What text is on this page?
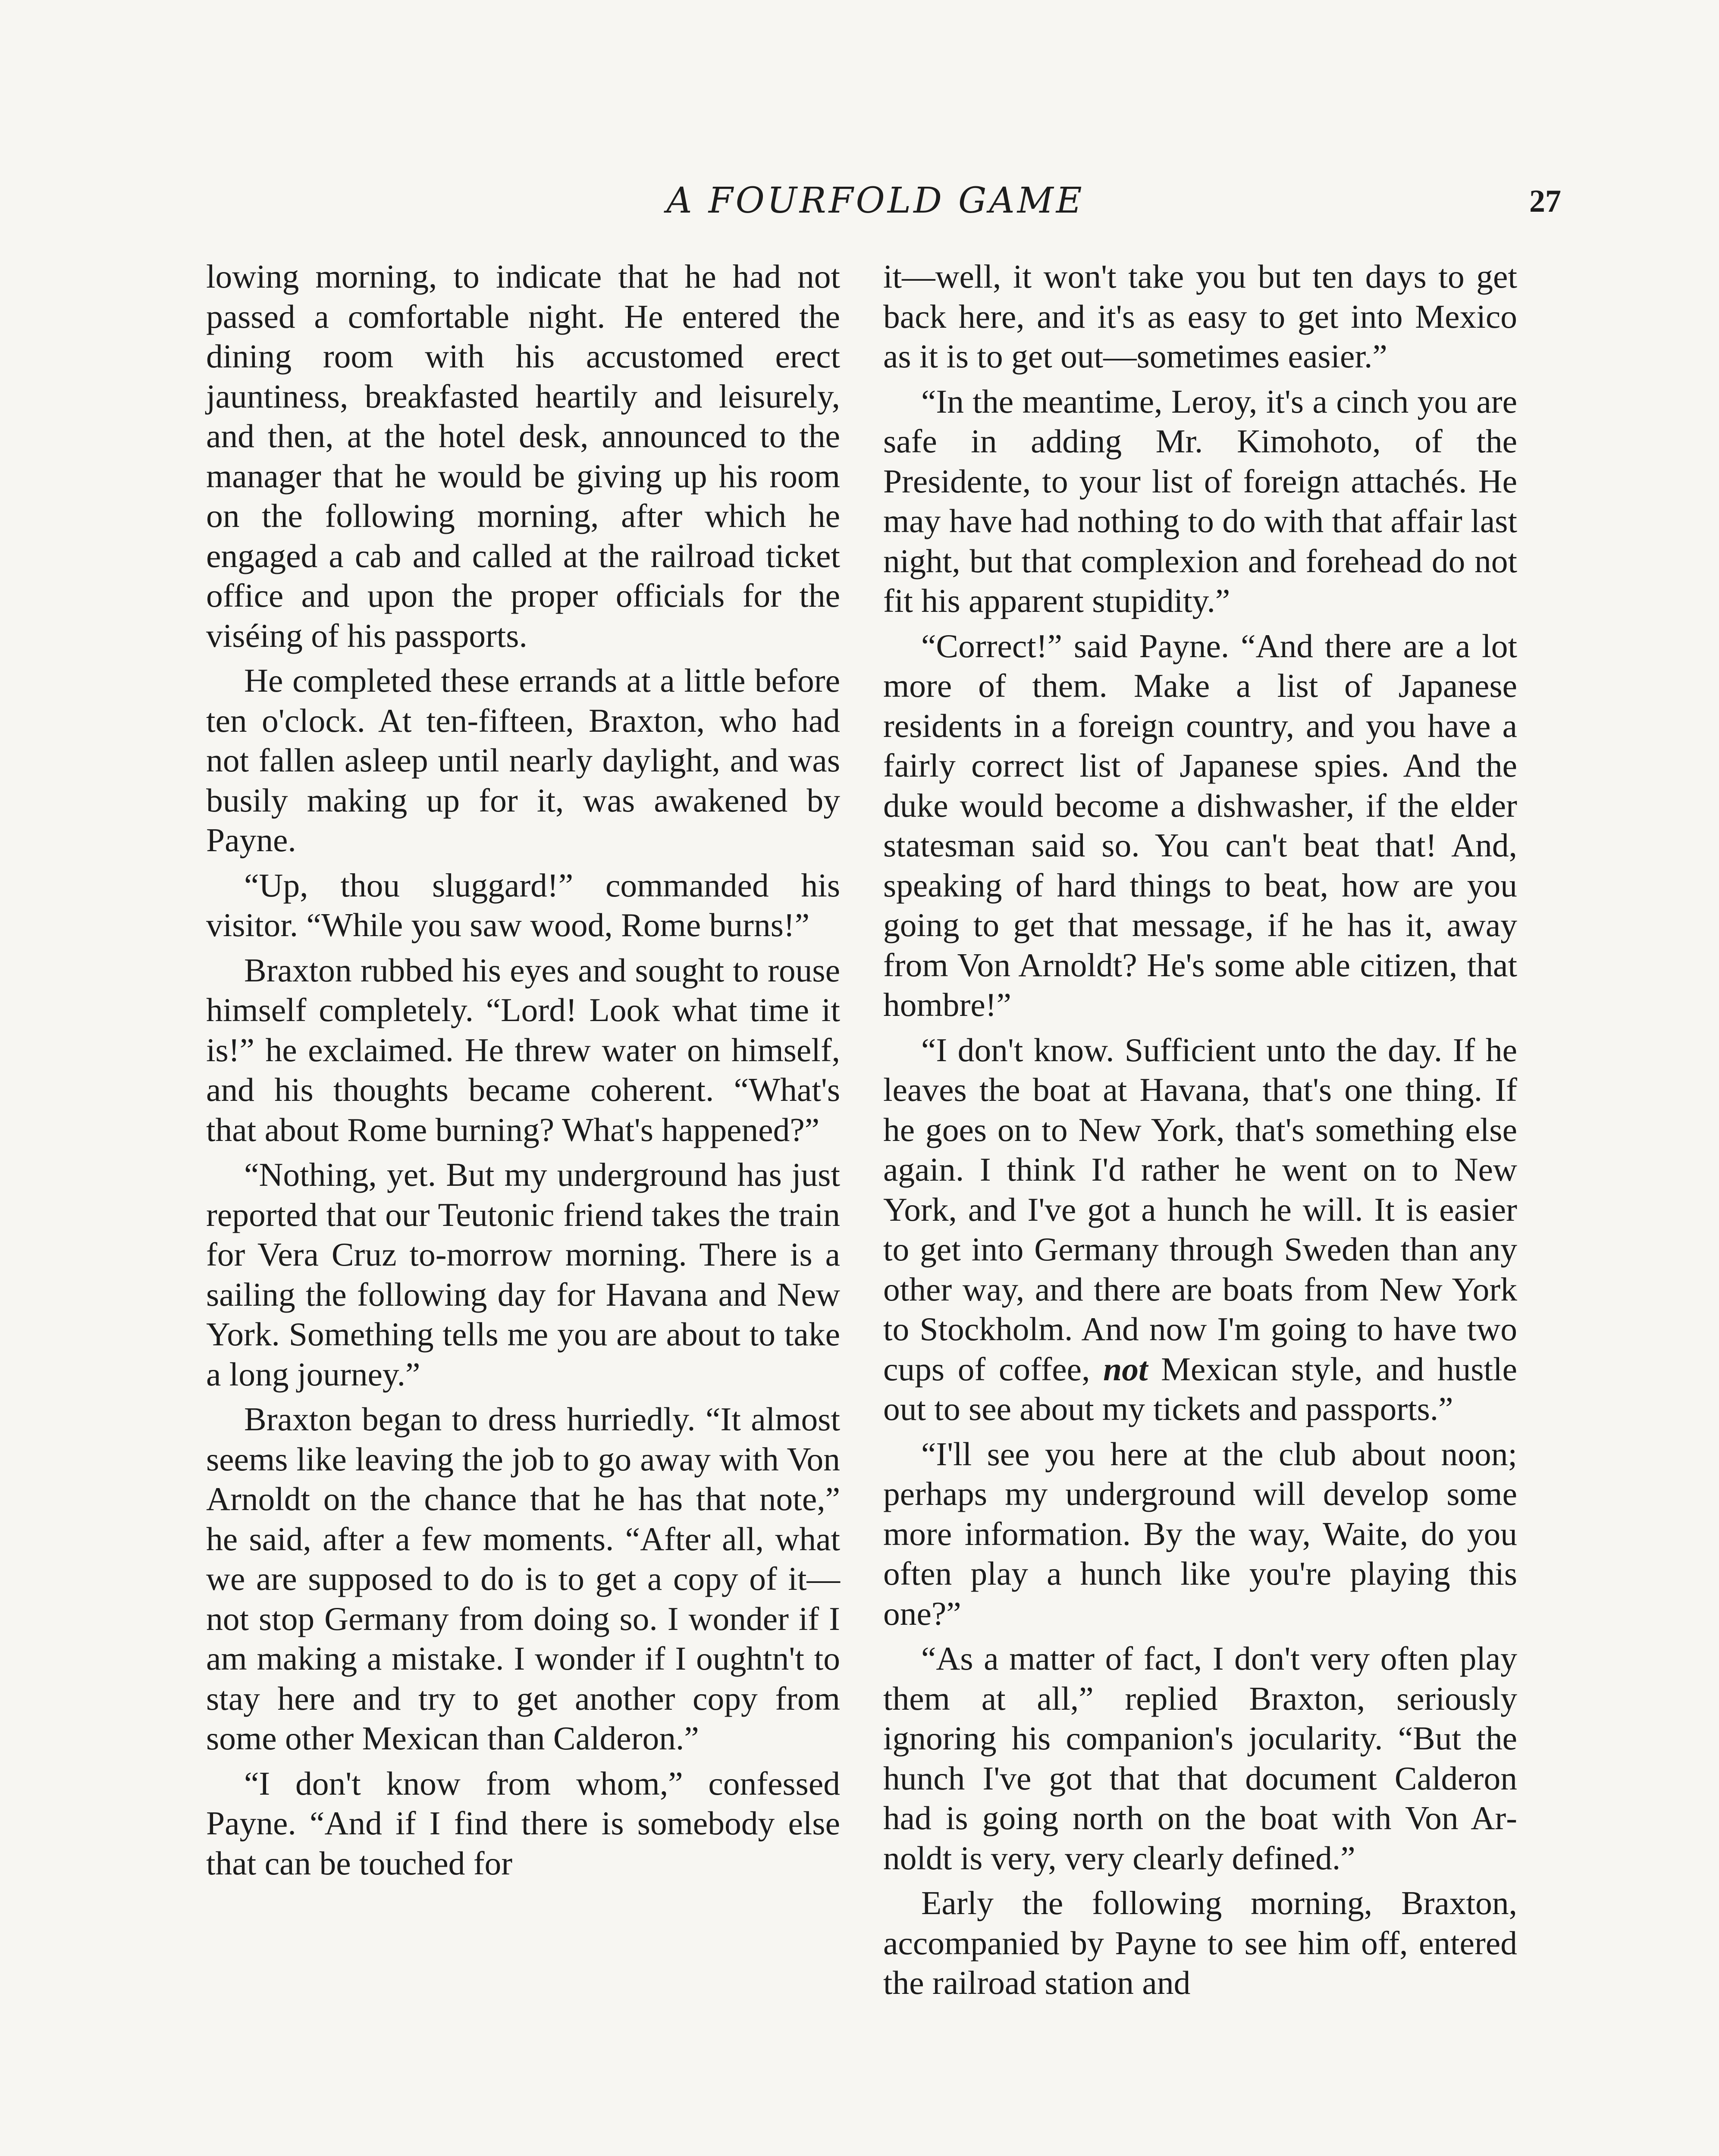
A FOURFOLD GAME	27

lowing morning, to indicate that he had not passed a comfortable night. He entered the dining room with his accustomed erect jauntiness, breakfasted heartily and leisurely, and then, at the hotel desk, announced to the manager that he would be giving up his room on the following morning, after which he engaged a cab and called at the railroad ticket office and upon the proper officials for the viséing of his passports.

He completed these errands at a little before ten o'clock. At ten-fifteen, Braxton, who had not fallen asleep until nearly daylight, and was busily making up for it, was awakened by Payne.

“Up, thou sluggard!” commanded his visitor. “While you saw wood, Rome burns!”

Braxton rubbed his eyes and sought to rouse himself completely. “Lord! Look what time it is!” he exclaimed. He threw water on himself, and his thoughts became coherent. “What's that about Rome burning? What's happened?”

“Nothing, yet. But my underground has just reported that our Teutonic friend takes the train for Vera Cruz to-morrow morning. There is a sailing the following day for Havana and New York. Something tells me you are about to take a long journey.”

Braxton began to dress hurriedly. “It almost seems like leaving the job to go away with Von Arnoldt on the chance that he has that note,” he said, after a few moments. “After all, what we are supposed to do is to get a copy of it—not stop Germany from doing so. I wonder if I am making a mistake. I wonder if I oughtn't to stay here and try to get another copy from some other Mexican than Calderon.”

“I don't know from whom,” confessed Payne. “And if I find there is somebody else that can be touched for

it—well, it won't take you but ten days to get back here, and it's as easy to get into Mexico as it is to get out—sometimes easier.”

“In the meantime, Leroy, it's a cinch you are safe in adding Mr. Kimohoto, of the Presidente, to your list of foreign attachés. He may have had nothing to do with that affair last night, but that complexion and forehead do not fit his apparent stupidity.”

“Correct!” said Payne. “And there are a lot more of them. Make a list of Japanese residents in a foreign country, and you have a fairly correct list of Japanese spies. And the duke would become a dishwasher, if the elder statesman said so. You can't beat that! And, speaking of hard things to beat, how are you going to get that message, if he has it, away from Von Arnoldt? He's some able citizen, that hombre!”

“I don't know. Sufficient unto the day. If he leaves the boat at Havana, that's one thing. If he goes on to New York, that's something else again. I think I'd rather he went on to New York, and I've got a hunch he will. It is easier to get into Germany through Sweden than any other way, and there are boats from New York to Stockholm. And now I'm going to have two cups of coffee, not Mexican style, and hustle out to see about my tickets and passports.”

“I'll see you here at the club about noon; perhaps my underground will develop some more information. By the way, Waite, do you often play a hunch like you're playing this one?”

“As a matter of fact, I don't very often play them at all,” replied Braxton, seriously ignoring his companion's jocularity. “But the hunch I've got that that document Calderon had is going north on the boat with Von Arnoldt is very, very clearly defined.”

Early the following morning, Braxton, accompanied by Payne to see him off, entered the railroad station and
